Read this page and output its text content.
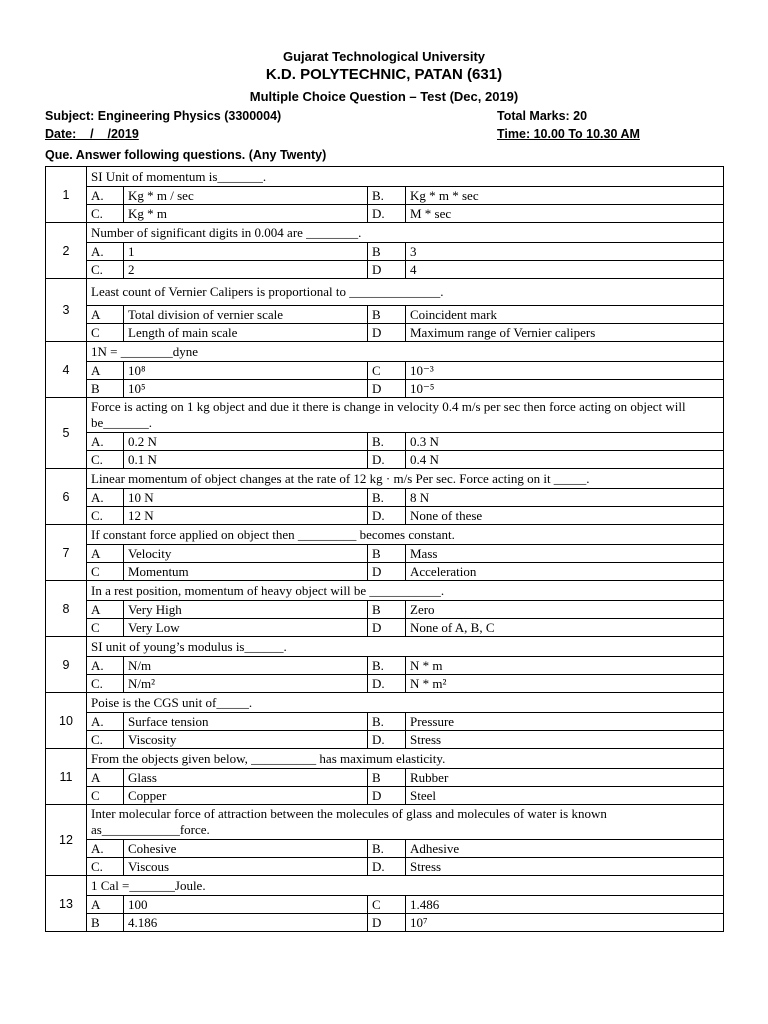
Gujarat Technological University
K.D. POLYTECHNIC, PATAN (631)
Multiple Choice Question – Test (Dec, 2019)
Subject: Engineering Physics (3300004)	Total Marks: 20
Date:    /    /2019	Time: 10.00 To 10.30 AM
Que. Answer following questions. (Any Twenty)
1	SI Unit of momentum is_______.			
	A.	Kg * m / sec	B.	Kg * m * sec
	C.	Kg * m	D.	M * sec
2	Number of significant digits in 0.004 are ________.			
	A.	1	B	3
	C.	2	D	4
3	Least count of Vernier Calipers is proportional to ______________.			
	A	Total division of vernier scale	B	Coincident mark
	C	Length of main scale	D	Maximum range of Vernier calipers
4	1N = ________dyne			
	A	10⁸	C	10⁻³
	B	10⁵	D	10⁻⁵
5	Force is acting on 1 kg object and due it there is change in velocity 0.4 m/s per sec then force acting on object will be_______.			
	A.	0.2 N	B.	0.3 N
	C.	0.1 N	D.	0.4 N
6	Linear momentum of object changes at the rate of 12 kg · m/s Per sec. Force acting on it _____.			
	A.	10 N	B.	8 N
	C.	12 N	D.	None of these
7	If constant force applied on object then _________ becomes constant.			
	A	Velocity	B	Mass
	C	Momentum	D	Acceleration
8	In a rest position, momentum of heavy object will be ___________.			
	A	Very High	B	Zero
	C	Very Low	D	None of A, B, C
9	SI unit of young’s modulus is______.			
	A.	N/m	B.	N * m
	C.	N/m²	D.	N * m²
10	Poise is the CGS unit of_____.			
	A.	Surface tension	B.	Pressure
	C.	Viscosity	D.	Stress
11	From the objects given below, __________ has maximum elasticity.			
	A	Glass	B	Rubber
	C	Copper	D	Steel
12	Inter molecular force of attraction between the molecules of glass and molecules of water is known as____________force.			
	A.	Cohesive	B.	Adhesive
	C.	Viscous	D.	Stress
13	1 Cal =_______Joule.			
	A	100	C	1.486
	B	4.186	D	10⁷
